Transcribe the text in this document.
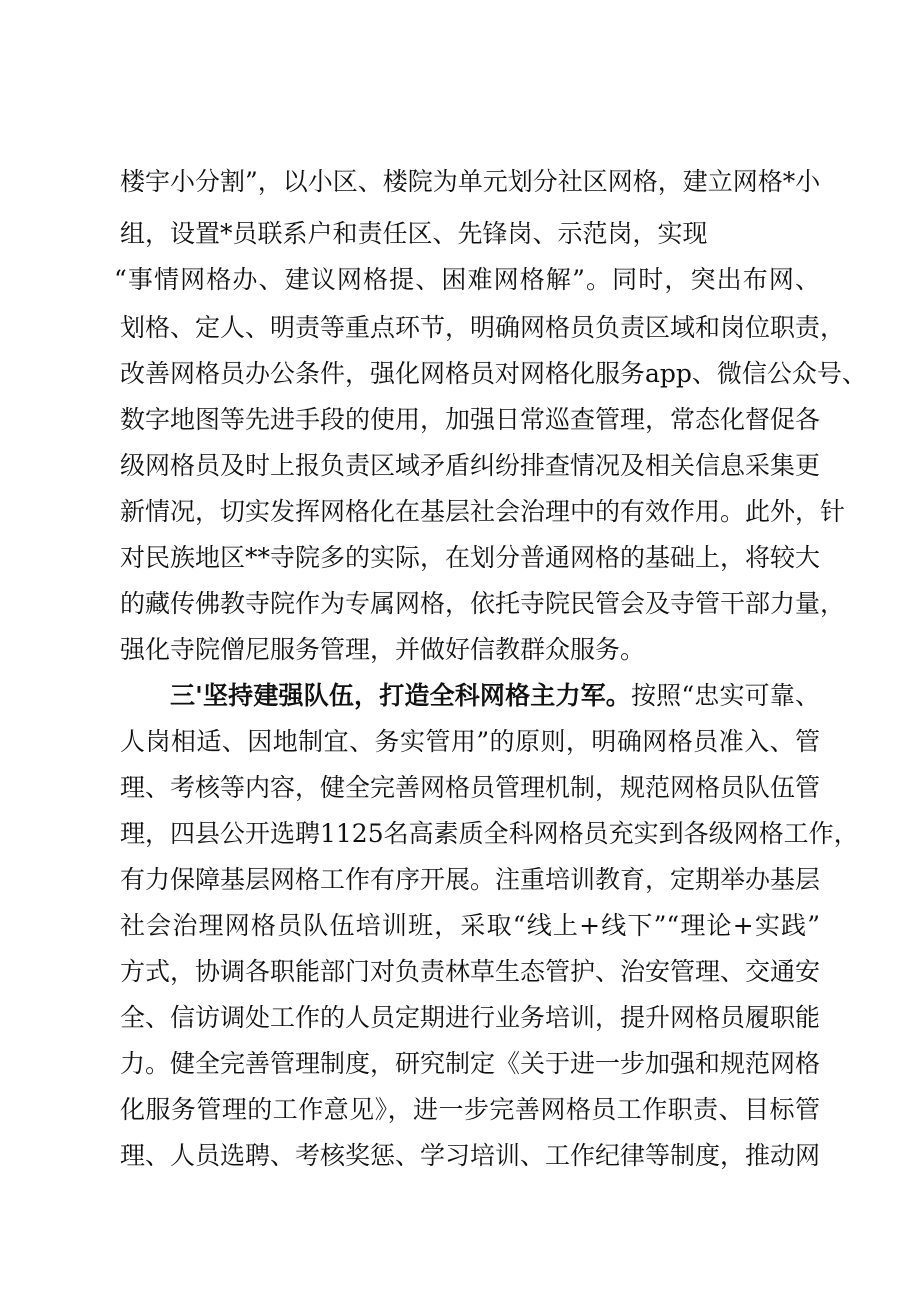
楼宇小分割”，以小区、楼院为单元划分社区网格，建立网格*小
组，设置*员联系户和责任区、先锋岗、示范岗，实现
“事情网格办、建议网格提、困难网格解”。同时，突出布网、
划格、定人、明责等重点环节，明确网格员负责区域和岗位职责，
改善网格员办公条件，强化网格员对网格化服务app、微信公众号、
数字地图等先进手段的使用，加强日常巡查管理，常态化督促各
级网格员及时上报负责区域矛盾纠纷排查情况及相关信息采集更
新情况，切实发挥网格化在基层社会治理中的有效作用。此外，针
对民族地区**寺院多的实际，在划分普通网格的基础上，将较大
的藏传佛教寺院作为专属网格，依托寺院民管会及寺管干部力量，
强化寺院僧尼服务管理，并做好信教群众服务。
三'坚持建强队伍，打造全科网格主力军。按照“忠实可靠、
人岗相适、因地制宜、务实管用”的原则，明确网格员准入、管
理、考核等内容，健全完善网格员管理机制，规范网格员队伍管
理，四县公开选聘1125名高素质全科网格员充实到各级网格工作，
有力保障基层网格工作有序开展。注重培训教育，定期举办基层
社会治理网格员队伍培训班，采取“线上+线下”“理论+实践”
方式，协调各职能部门对负责林草生态管护、治安管理、交通安
全、信访调处工作的人员定期进行业务培训，提升网格员履职能
力。健全完善管理制度，研究制定《关于进一步加强和规范网格
化服务管理的工作意见》，进一步完善网格员工作职责、目标管
理、人员选聘、考核奖惩、学习培训、工作纪律等制度，推动网
